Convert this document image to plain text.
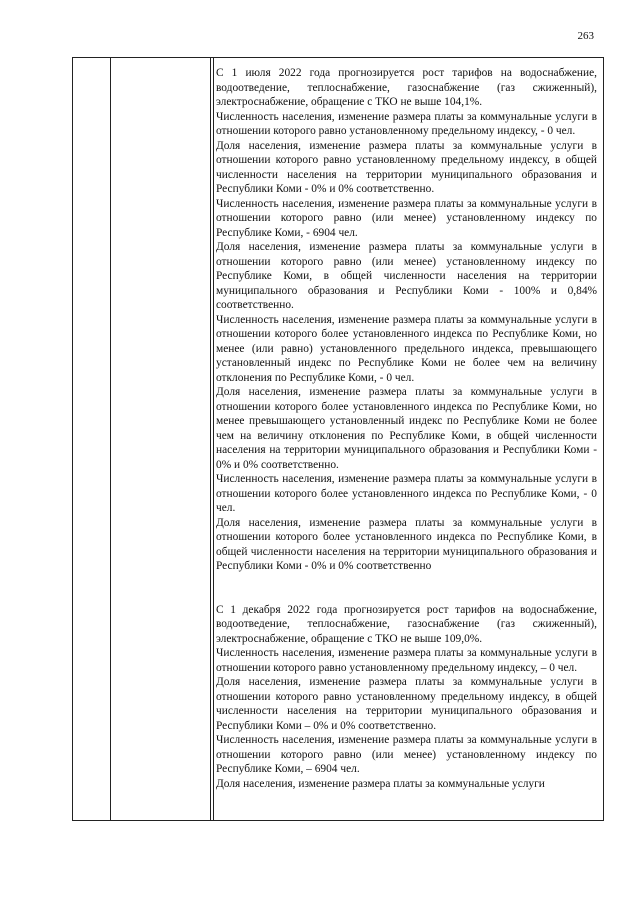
263

С 1 июля 2022 года прогнозируется рост тарифов на водоснабжение, водоотведение, теплоснабжение, газоснабжение (газ сжиженный), электроснабжение, обращение с ТКО не выше 104,1%.

Численность населения, изменение размера платы за коммунальные услуги в отношении которого равно установленному предельному индексу, - 0 чел.

Доля населения, изменение размера платы за коммунальные услуги в отношении которого равно установленному предельному индексу, в общей численности населения на территории муниципального образования и Республики Коми - 0% и 0% соответственно.

Численность населения, изменение размера платы за коммунальные услуги в отношении которого равно (или менее) установленному индексу по Республике Коми, - 6904 чел.

Доля населения, изменение размера платы за коммунальные услуги в отношении которого равно (или менее) установленному индексу по Республике Коми, в общей численности населения на территории муниципального образования и Республики Коми - 100% и 0,84% соответственно.

Численность населения, изменение размера платы за коммунальные услуги в отношении которого более установленного индекса по Республике Коми, но менее (или равно) установленного предельного индекса, превышающего установленный индекс по Республике Коми не более чем на величину отклонения по Республике Коми, - 0 чел.

Доля населения, изменение размера платы за коммунальные услуги в отношении которого более установленного индекса по Республике Коми, но менее превышающего установленный индекс по Республике Коми не более чем на величину отклонения по Республике Коми, в общей численности населения на территории муниципального образования и Республики Коми - 0% и 0% соответственно.

Численность населения, изменение размера платы за коммунальные услуги в отношении которого более установленного индекса по Республике Коми, - 0 чел.

Доля населения, изменение размера платы за коммунальные услуги в отношении которого более установленного индекса по Республике Коми, в общей численности населения на территории муниципального образования и Республики Коми - 0% и 0% соответственно

С 1 декабря 2022 года прогнозируется рост тарифов на водоснабжение, водоотведение, теплоснабжение, газоснабжение (газ сжиженный), электроснабжение, обращение с ТКО не выше 109,0%.

Численность населения, изменение размера платы за коммунальные услуги в отношении которого равно установленному предельному индексу, – 0 чел.

Доля населения, изменение размера платы за коммунальные услуги в отношении которого равно установленному предельному индексу, в общей численности населения на территории муниципального образования и Республики Коми – 0% и 0% соответственно.

Численность населения, изменение размера платы за коммунальные услуги в отношении которого равно (или менее) установленному индексу по Республике Коми, – 6904 чел.

Доля населения, изменение размера платы за коммунальные услуги
